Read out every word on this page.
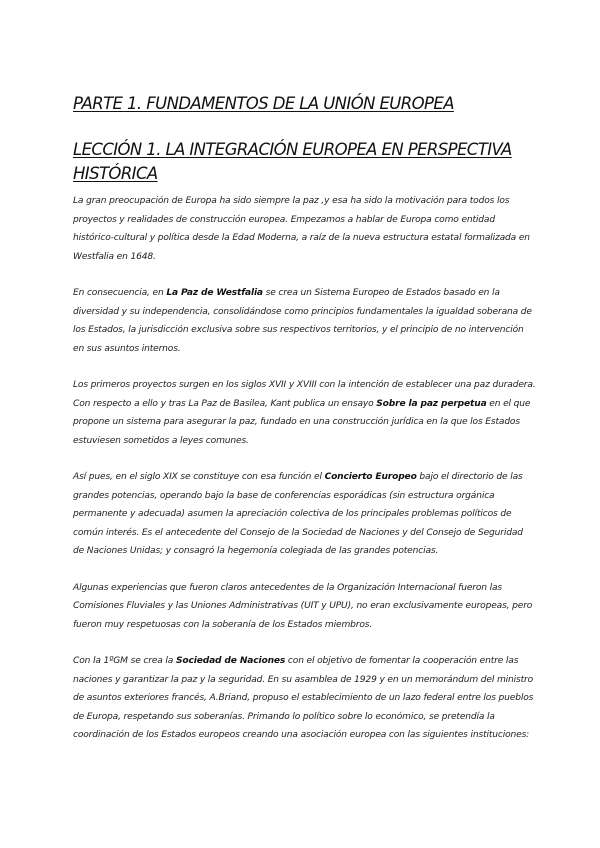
PARTE 1. FUNDAMENTOS DE LA UNIÓN EUROPEA
LECCIÓN 1. LA INTEGRACIÓN EUROPEA EN PERSPECTIVA HISTÓRICA

La gran preocupación de Europa ha sido siempre la paz ,y esa ha sido la motivación para todos los proyectos y realidades de construcción europea. Empezamos a hablar de Europa como entidad histórico-cultural y política desde la Edad Moderna, a raíz de la nueva estructura estatal formalizada en Westfalia en 1648.

En consecuencia, en La Paz de Westfalia se crea un Sistema Europeo de Estados basado en la diversidad y su independencia, consolidándose como principios fundamentales la igualdad soberana de los Estados, la jurisdicción exclusiva sobre sus respectivos territorios, y el principio de no intervención en sus asuntos internos.

Los primeros proyectos surgen en los siglos XVII y XVIII con la intención de establecer una paz duradera. Con respecto a ello y tras La Paz de Basilea, Kant publica un ensayo Sobre la paz perpetua en el que propone un sistema para asegurar la paz, fundado en una construcción jurídica en la que los Estados estuviesen sometidos a leyes comunes.

Así pues, en el siglo XIX se constituye con esa función el Concierto Europeo bajo el directorio de las grandes potencias, operando bajo la base de conferencias esporádicas (sin estructura orgánica permanente y adecuada) asumen la apreciación colectiva de los principales problemas políticos de común interés. Es el antecedente del Consejo de la Sociedad de Naciones y del Consejo de Seguridad de Naciones Unidas; y consagró la hegemonía colegiada de las grandes potencias.

Algunas experiencias que fueron claros antecedentes de la Organización Internacional fueron las Comisiones Fluviales y las Uniones Administrativas (UIT y UPU), no eran exclusivamente europeas, pero fueron muy respetuosas con la soberanía de los Estados miembros.

Con la 1ºGM se crea la Sociedad de Naciones con el objetivo de fomentar la cooperación entre las naciones y garantizar la paz y la seguridad. En su asamblea de 1929 y en un memorándum del ministro de asuntos exteriores francés, A.Briand, propuso el establecimiento de un lazo federal entre los pueblos de Europa, respetando sus soberanías. Primando lo político sobre lo económico, se pretendía la coordinación de los Estados europeos creando una asociación europea con las siguientes instituciones:
